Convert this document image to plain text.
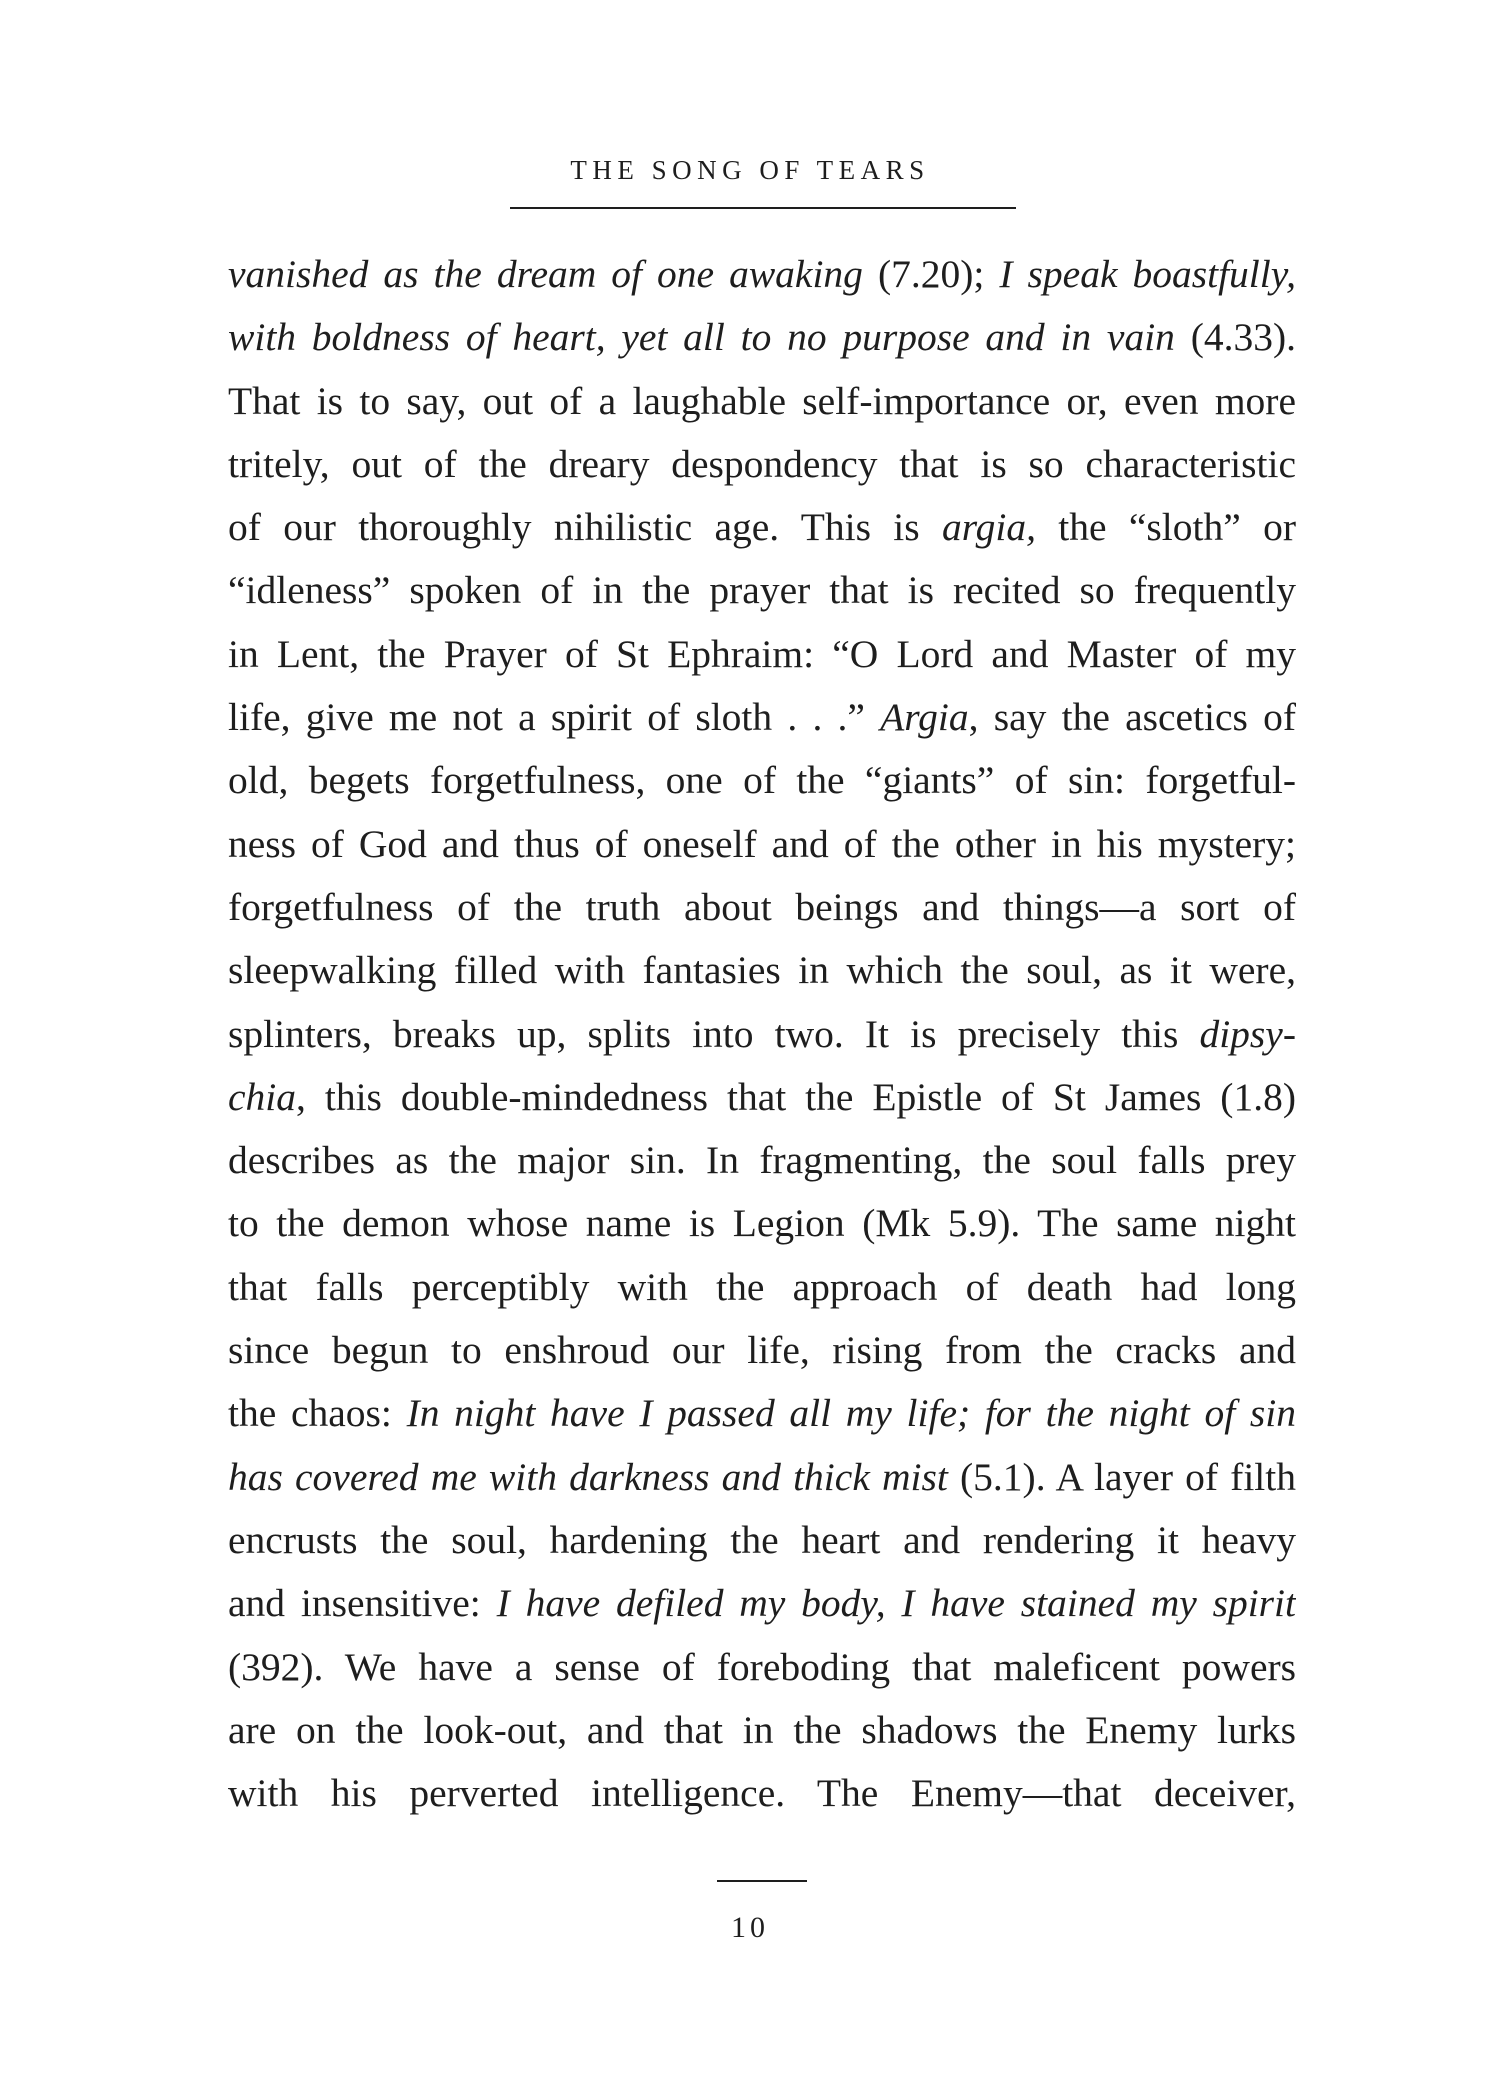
THE SONG OF TEARS
vanished as the dream of one awaking (7.20); I speak boastfully,
with boldness of heart, yet all to no purpose and in vain (4.33).
That is to say, out of a laughable self-importance or, even more
tritely, out of the dreary despondency that is so characteristic
of our thoroughly nihilistic age. This is argia, the “sloth” or
“idleness” spoken of in the prayer that is recited so frequently
in Lent, the Prayer of St Ephraim: “O Lord and Master of my
life, give me not a spirit of sloth . . .” Argia, say the ascetics of
old, begets forgetfulness, one of the “giants” of sin: forgetful-
ness of God and thus of oneself and of the other in his mystery;
forgetfulness of the truth about beings and things—a sort of
sleepwalking filled with fantasies in which the soul, as it were,
splinters, breaks up, splits into two. It is precisely this dipsy-
chia, this double-mindedness that the Epistle of St James (1.8)
describes as the major sin. In fragmenting, the soul falls prey
to the demon whose name is Legion (Mk 5.9). The same night
that falls perceptibly with the approach of death had long
since begun to enshroud our life, rising from the cracks and
the chaos: In night have I passed all my life; for the night of sin
has covered me with darkness and thick mist (5.1). A layer of filth
encrusts the soul, hardening the heart and rendering it heavy
and insensitive: I have defiled my body, I have stained my spirit
(392). We have a sense of foreboding that maleficent powers
are on the look-out, and that in the shadows the Enemy lurks
with his perverted intelligence. The Enemy—that deceiver,
10
